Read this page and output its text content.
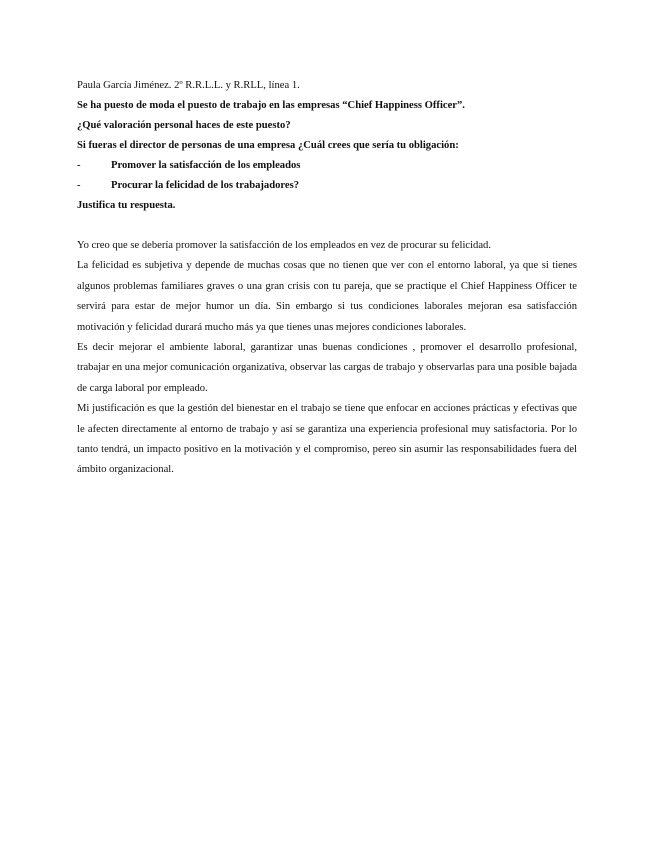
Paula García Jiménez. 2º R.R.L.L. y R.RLL, línea 1.

Se ha puesto de moda el puesto de trabajo en las empresas “Chief Happiness Officer”.

¿Qué valoración personal haces de este puesto?

Si fueras el director de personas de una empresa ¿Cuál crees que sería tu obligación:

-	Promover la satisfacción de los empleados
-	Procurar la felicidad de los trabajadores?

Justifica tu respuesta.

Yo creo que se debería promover la satisfacción de los empleados en vez de procurar su felicidad.

La felicidad es subjetiva y depende de muchas cosas que no tienen que ver con el entorno laboral, ya que si tienes algunos problemas familiares graves o una gran crisis con tu pareja, que se practique el Chief Happiness Officer te servirá para estar de mejor humor un día. Sin embargo si tus condiciones laborales mejoran esa satisfacción motivación y felicidad durará mucho más ya que tienes unas mejores condiciones laborales.

Es decir mejorar el ambiente laboral, garantizar unas buenas condiciones , promover el desarrollo profesional, trabajar en una mejor comunicación organizativa, observar las cargas de trabajo y observarlas para una posible bajada de carga laboral por empleado.

Mi justificación es que la gestión del bienestar en el trabajo se tiene que enfocar en acciones prácticas y efectivas que le afecten directamente al entorno de trabajo y así se garantiza una experiencia profesional muy satisfactoria. Por lo tanto tendrá, un impacto positivo en la motivación y el compromiso, pereo sin asumir las responsabilidades fuera del ámbito organizacional.
